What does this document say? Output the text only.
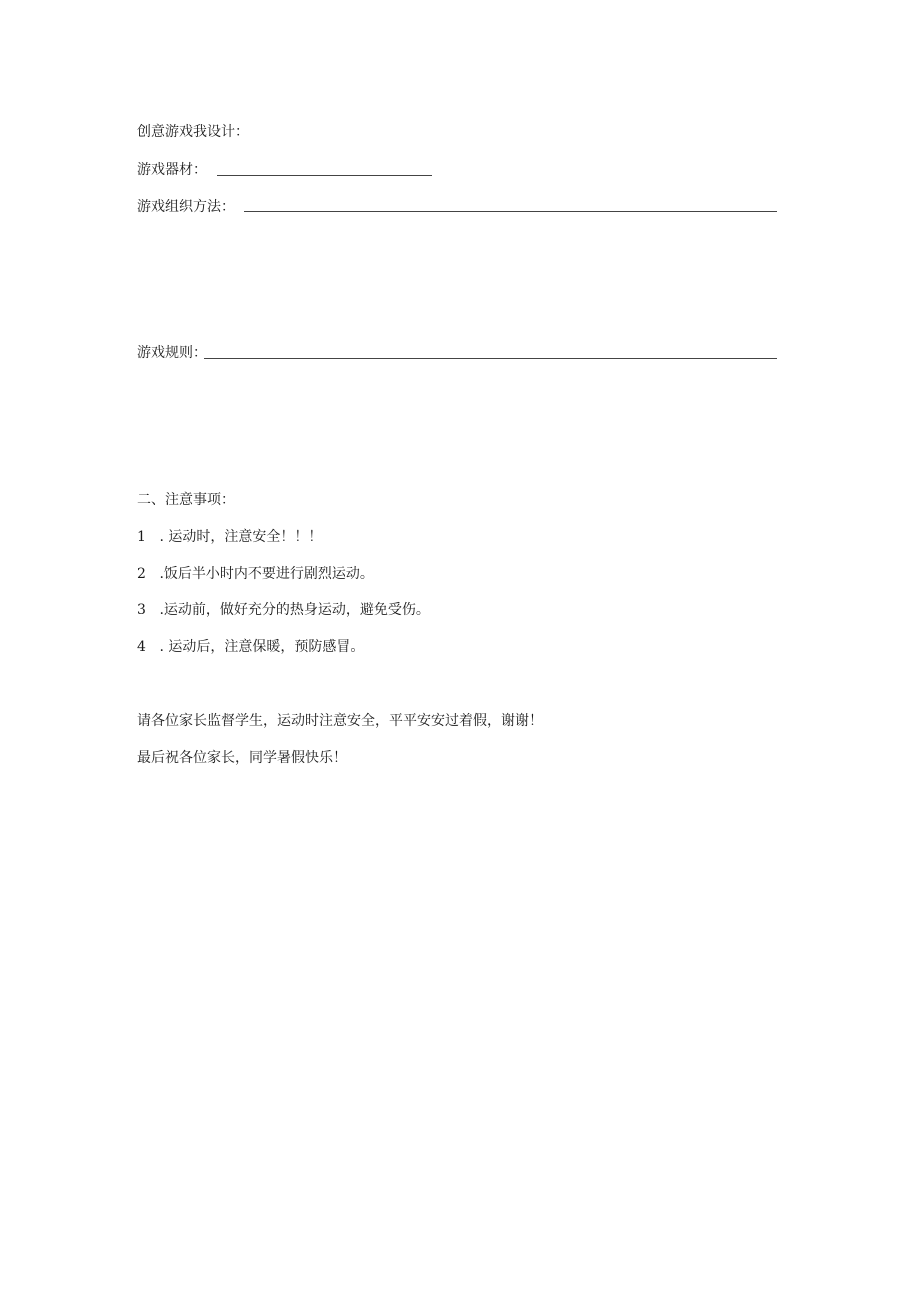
创意游戏我设计：
游戏器材：
游戏组织方法：
游戏规则：
二、注意事项：
1 . 运动时，注意安全！！！
2 .饭后半小时内不要进行剧烈运动。
3 .运动前，做好充分的热身运动，避免受伤。
4 . 运动后，注意保暖，预防感冒。
请各位家长监督学生，运动时注意安全，平平安安过着假，谢谢！
最后祝各位家长，同学暑假快乐！
